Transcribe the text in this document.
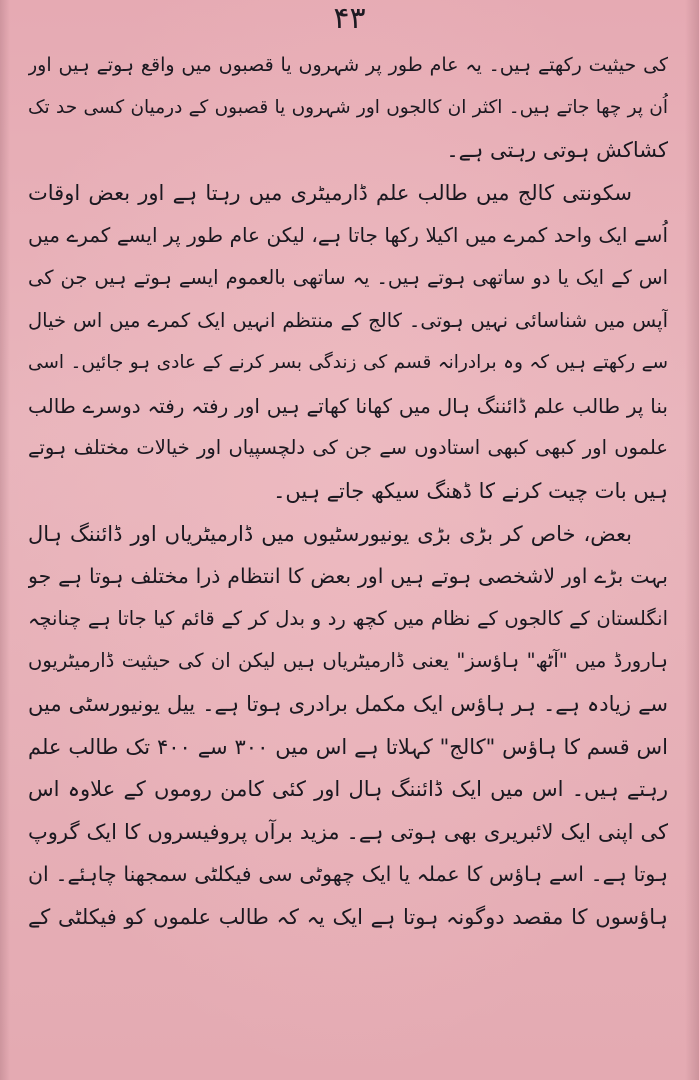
۴۳
کی حیثیت رکھتے ہیں۔ یہ عام طور پر شہروں یا قصبوں میں واقع ہوتے ہیں اور
اُن پر چھا جاتے ہیں۔ اکثر ان کالجوں اور شہروں یا قصبوں کے درمیان کسی حد تک
کشاکش ہوتی رہتی ہے۔
سکونتی کالج میں طالب علم ڈارمیٹری میں رہتا ہے اور بعض اوقات
اُسے ایک واحد کمرے میں اکیلا رکھا جاتا ہے، لیکن عام طور پر ایسے کمرے میں
اس کے ایک یا دو ساتھی ہوتے ہیں۔ یہ ساتھی بالعموم ایسے ہوتے ہیں جن کی
آپس میں شناسائی نہیں ہوتی۔ کالج کے منتظم انہیں ایک کمرے میں اس خیال
سے رکھتے ہیں کہ وہ برادرانہ قسم کی زندگی بسر کرنے کے عادی ہو جائیں۔ اسی
بنا پر طالب علم ڈائننگ ہال میں کھانا کھاتے ہیں اور رفتہ رفتہ دوسرے طالب
علموں اور کبھی کبھی استادوں سے جن کی دلچسپیاں اور خیالات مختلف ہوتے
ہیں بات چیت کرنے کا ڈھنگ سیکھ جاتے ہیں۔
بعض، خاص کر بڑی بڑی یونیورسٹیوں میں ڈارمیٹریاں اور ڈائننگ ہال
بہت بڑے اور لاشخصی ہوتے ہیں اور بعض کا انتظام ذرا مختلف ہوتا ہے جو
انگلستان کے کالجوں کے نظام میں کچھ رد و بدل کر کے قائم کیا جاتا ہے چنانچہ
ہارورڈ میں "آٹھ" ہاؤسز" یعنی ڈارمیٹریاں ہیں لیکن ان کی حیثیت ڈارمیٹریوں
سے زیادہ ہے۔ ہر ہاؤس ایک مکمل برادری ہوتا ہے۔ ییل یونیورسٹی میں
اس قسم کا ہاؤس "کالج" کہلاتا ہے اس میں ۳۰۰ سے ۴۰۰ تک طالب علم
رہتے ہیں۔ اس میں ایک ڈائننگ ہال اور کئی کامن روموں کے علاوہ اس
کی اپنی ایک لائبریری بھی ہوتی ہے۔ مزید برآں پروفیسروں کا ایک گروپ
ہوتا ہے۔ اسے ہاؤس کا عملہ یا ایک چھوٹی سی فیکلٹی سمجھنا چاہئے۔ ان
ہاؤسوں کا مقصد دوگونہ ہوتا ہے ایک یہ کہ طالب علموں کو فیکلٹی کے
